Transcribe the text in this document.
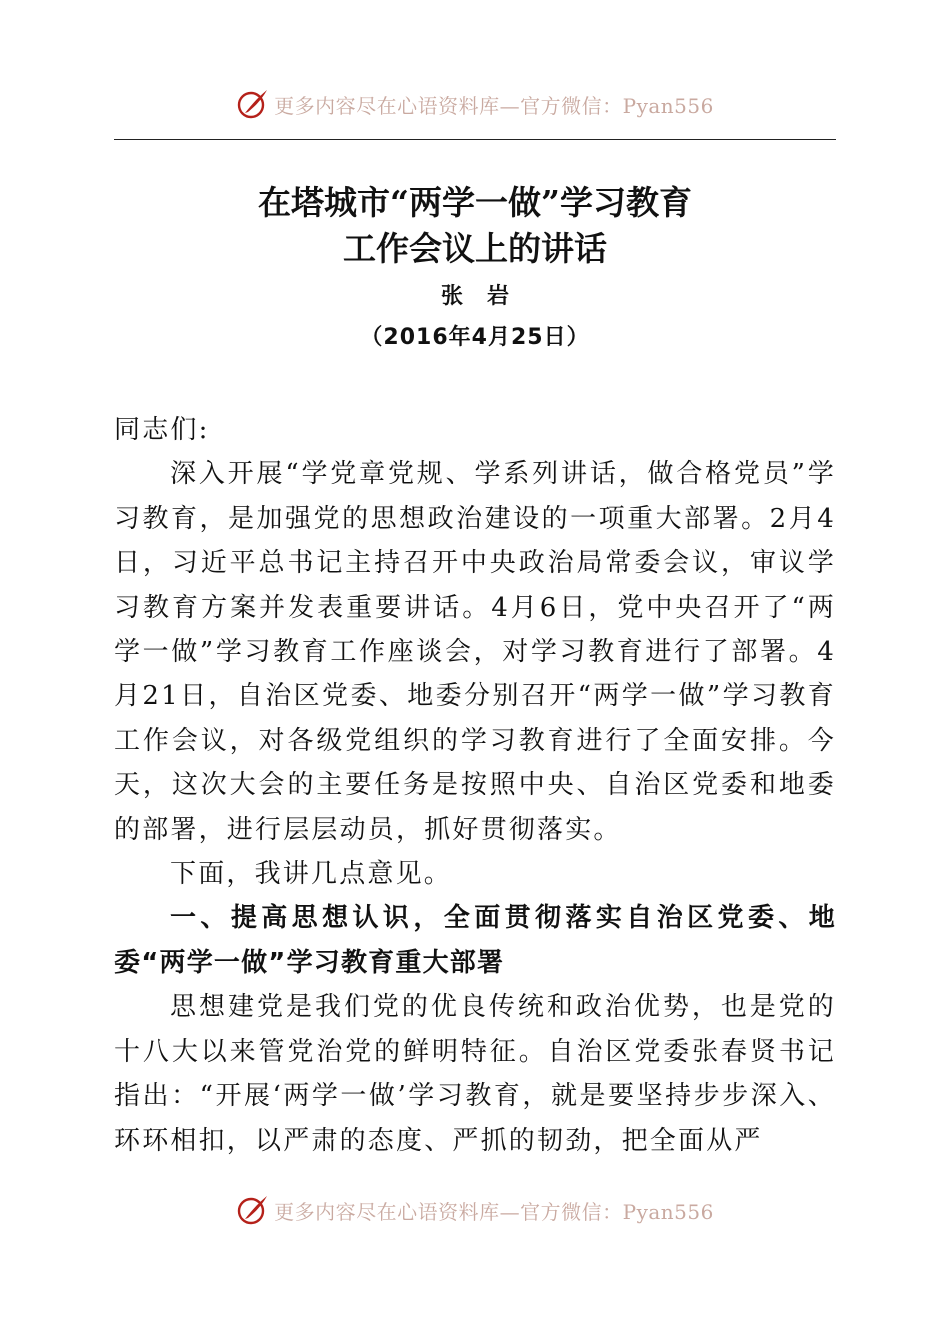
更多内容尽在心语资料库—官方微信：Pyan556
在塔城市“两学一做”学习教育
工作会议上的讲话
张岩
（2016年4月25日）

同志们:

深入开展“学党章党规、学系列讲话，做合格党员”学习教育，是加强党的思想政治建设的一项重大部署。2月4日，习近平总书记主持召开中央政治局常委会议，审议学习教育方案并发表重要讲话。4月6日，党中央召开了“两学一做”学习教育工作座谈会，对学习教育进行了部署。4月21日，自治区党委、地委分别召开“两学一做”学习教育工作会议，对各级党组织的学习教育进行了全面安排。今天，这次大会的主要任务是按照中央、自治区党委和地委的部署，进行层层动员，抓好贯彻落实。

下面，我讲几点意见。

一、提高思想认识，全面贯彻落实自治区党委、地委“两学一做”学习教育重大部署

思想建党是我们党的优良传统和政治优势，也是党的十八大以来管党治党的鲜明特征。自治区党委张春贤书记指出：“开展‘两学一做’学习教育，就是要坚持步步深入、环环相扣，以严肃的态度、严抓的韧劲，把全面从严

更多内容尽在心语资料库—官方微信：Pyan556
